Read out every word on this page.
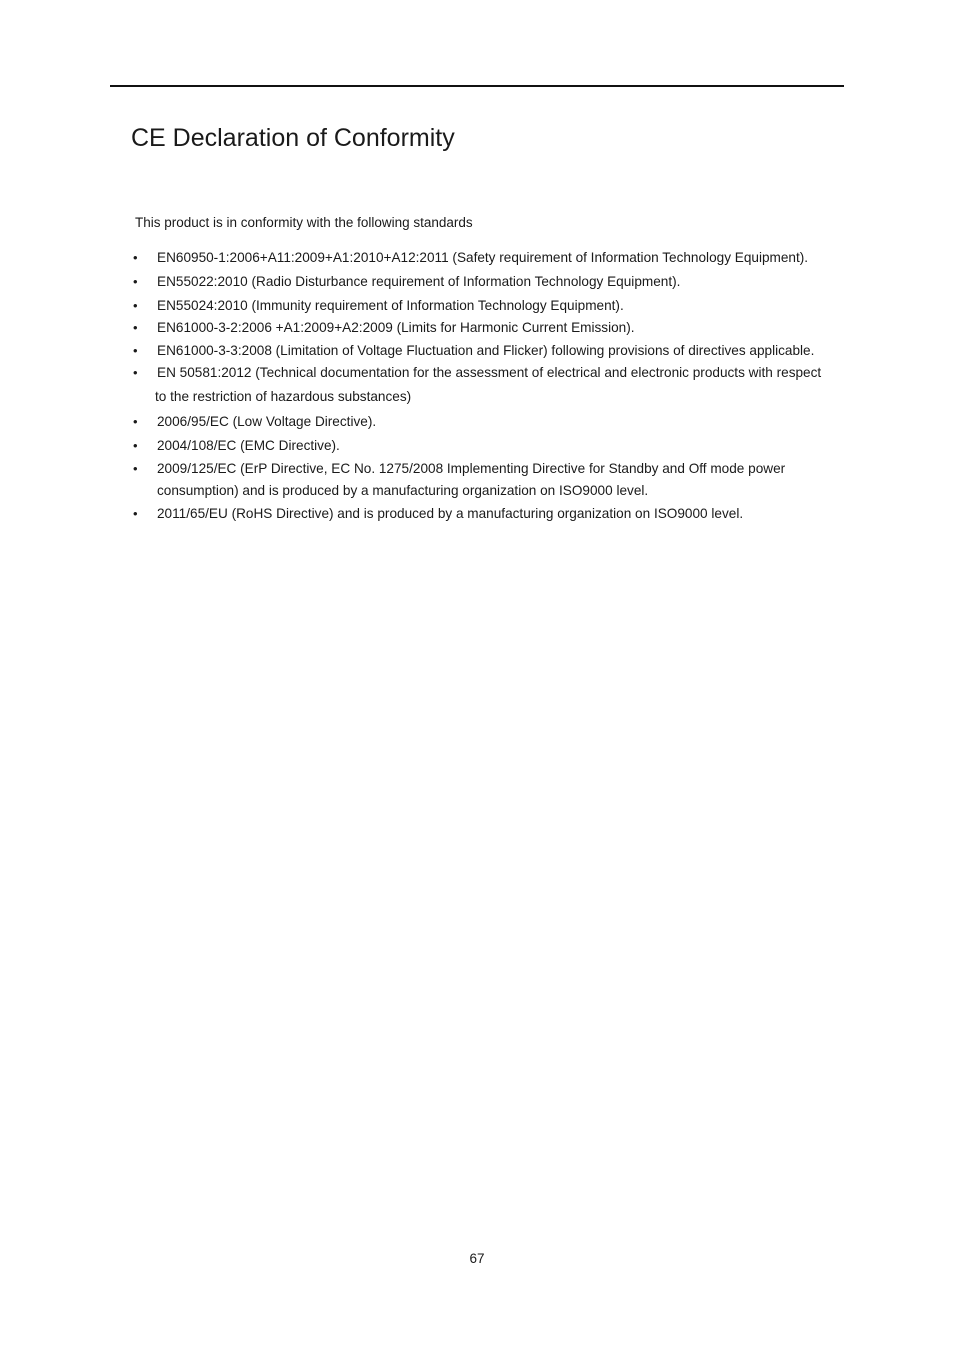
CE Declaration of Conformity

This product is in conformity with the following standards

• EN60950-1:2006+A11:2009+A1:2010+A12:2011 (Safety requirement of Information Technology Equipment).
• EN55022:2010 (Radio Disturbance requirement of Information Technology Equipment).
• EN55024:2010 (Immunity requirement of Information Technology Equipment).
• EN61000-3-2:2006 +A1:2009+A2:2009 (Limits for Harmonic Current Emission).
• EN61000-3-3:2008 (Limitation of Voltage Fluctuation and Flicker) following provisions of directives applicable.
• EN 50581:2012 (Technical documentation for the assessment of electrical and electronic products with respect
to the restriction of hazardous substances)
• 2006/95/EC (Low Voltage Directive).
• 2004/108/EC (EMC Directive).
• 2009/125/EC (ErP Directive, EC No. 1275/2008 Implementing Directive for Standby and Off mode power
consumption) and is produced by a manufacturing organization on ISO9000 level.
• 2011/65/EU (RoHS Directive) and is produced by a manufacturing organization on ISO9000 level.
67
